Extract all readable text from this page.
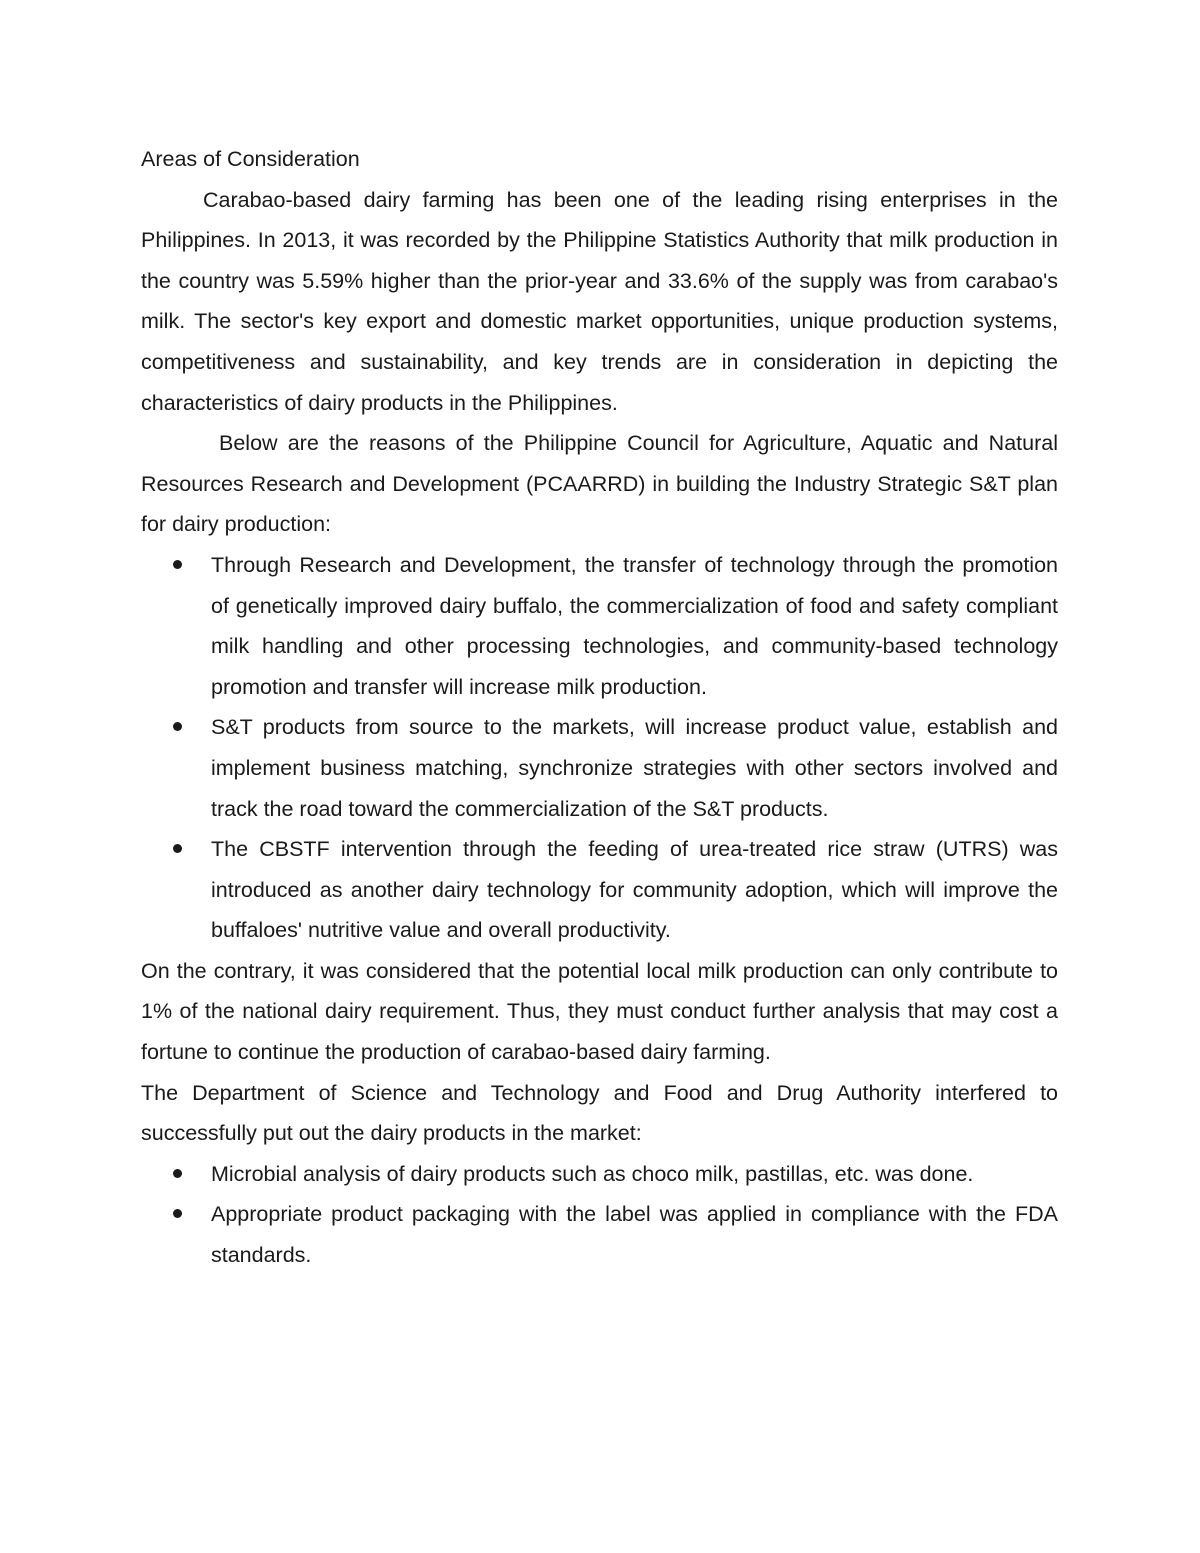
Areas of Consideration

Carabao-based dairy farming has been one of the leading rising enterprises in the Philippines. In 2013, it was recorded by the Philippine Statistics Authority that milk production in the country was 5.59% higher than the prior-year and 33.6% of the supply was from carabao's milk. The sector's key export and domestic market opportunities, unique production systems, competitiveness and sustainability, and key trends are in consideration in depicting the characteristics of dairy products in the Philippines.

Below are the reasons of the Philippine Council for Agriculture, Aquatic and Natural Resources Research and Development (PCAARRD) in building the Industry Strategic S&T plan for dairy production:

Through Research and Development, the transfer of technology through the promotion of genetically improved dairy buffalo, the commercialization of food and safety compliant milk handling and other processing technologies, and community-based technology promotion and transfer will increase milk production.
S&T products from source to the markets, will increase product value, establish and implement business matching, synchronize strategies with other sectors involved and track the road toward the commercialization of the S&T products.
The CBSTF intervention through the feeding of urea-treated rice straw (UTRS) was introduced as another dairy technology for community adoption, which will improve the buffaloes' nutritive value and overall productivity.

On the contrary, it was considered that the potential local milk production can only contribute to 1% of the national dairy requirement. Thus, they must conduct further analysis that may cost a fortune to continue the production of carabao-based dairy farming.

The Department of Science and Technology and Food and Drug Authority interfered to successfully put out the dairy products in the market:

Microbial analysis of dairy products such as choco milk, pastillas, etc. was done.
Appropriate product packaging with the label was applied in compliance with the FDA standards.
